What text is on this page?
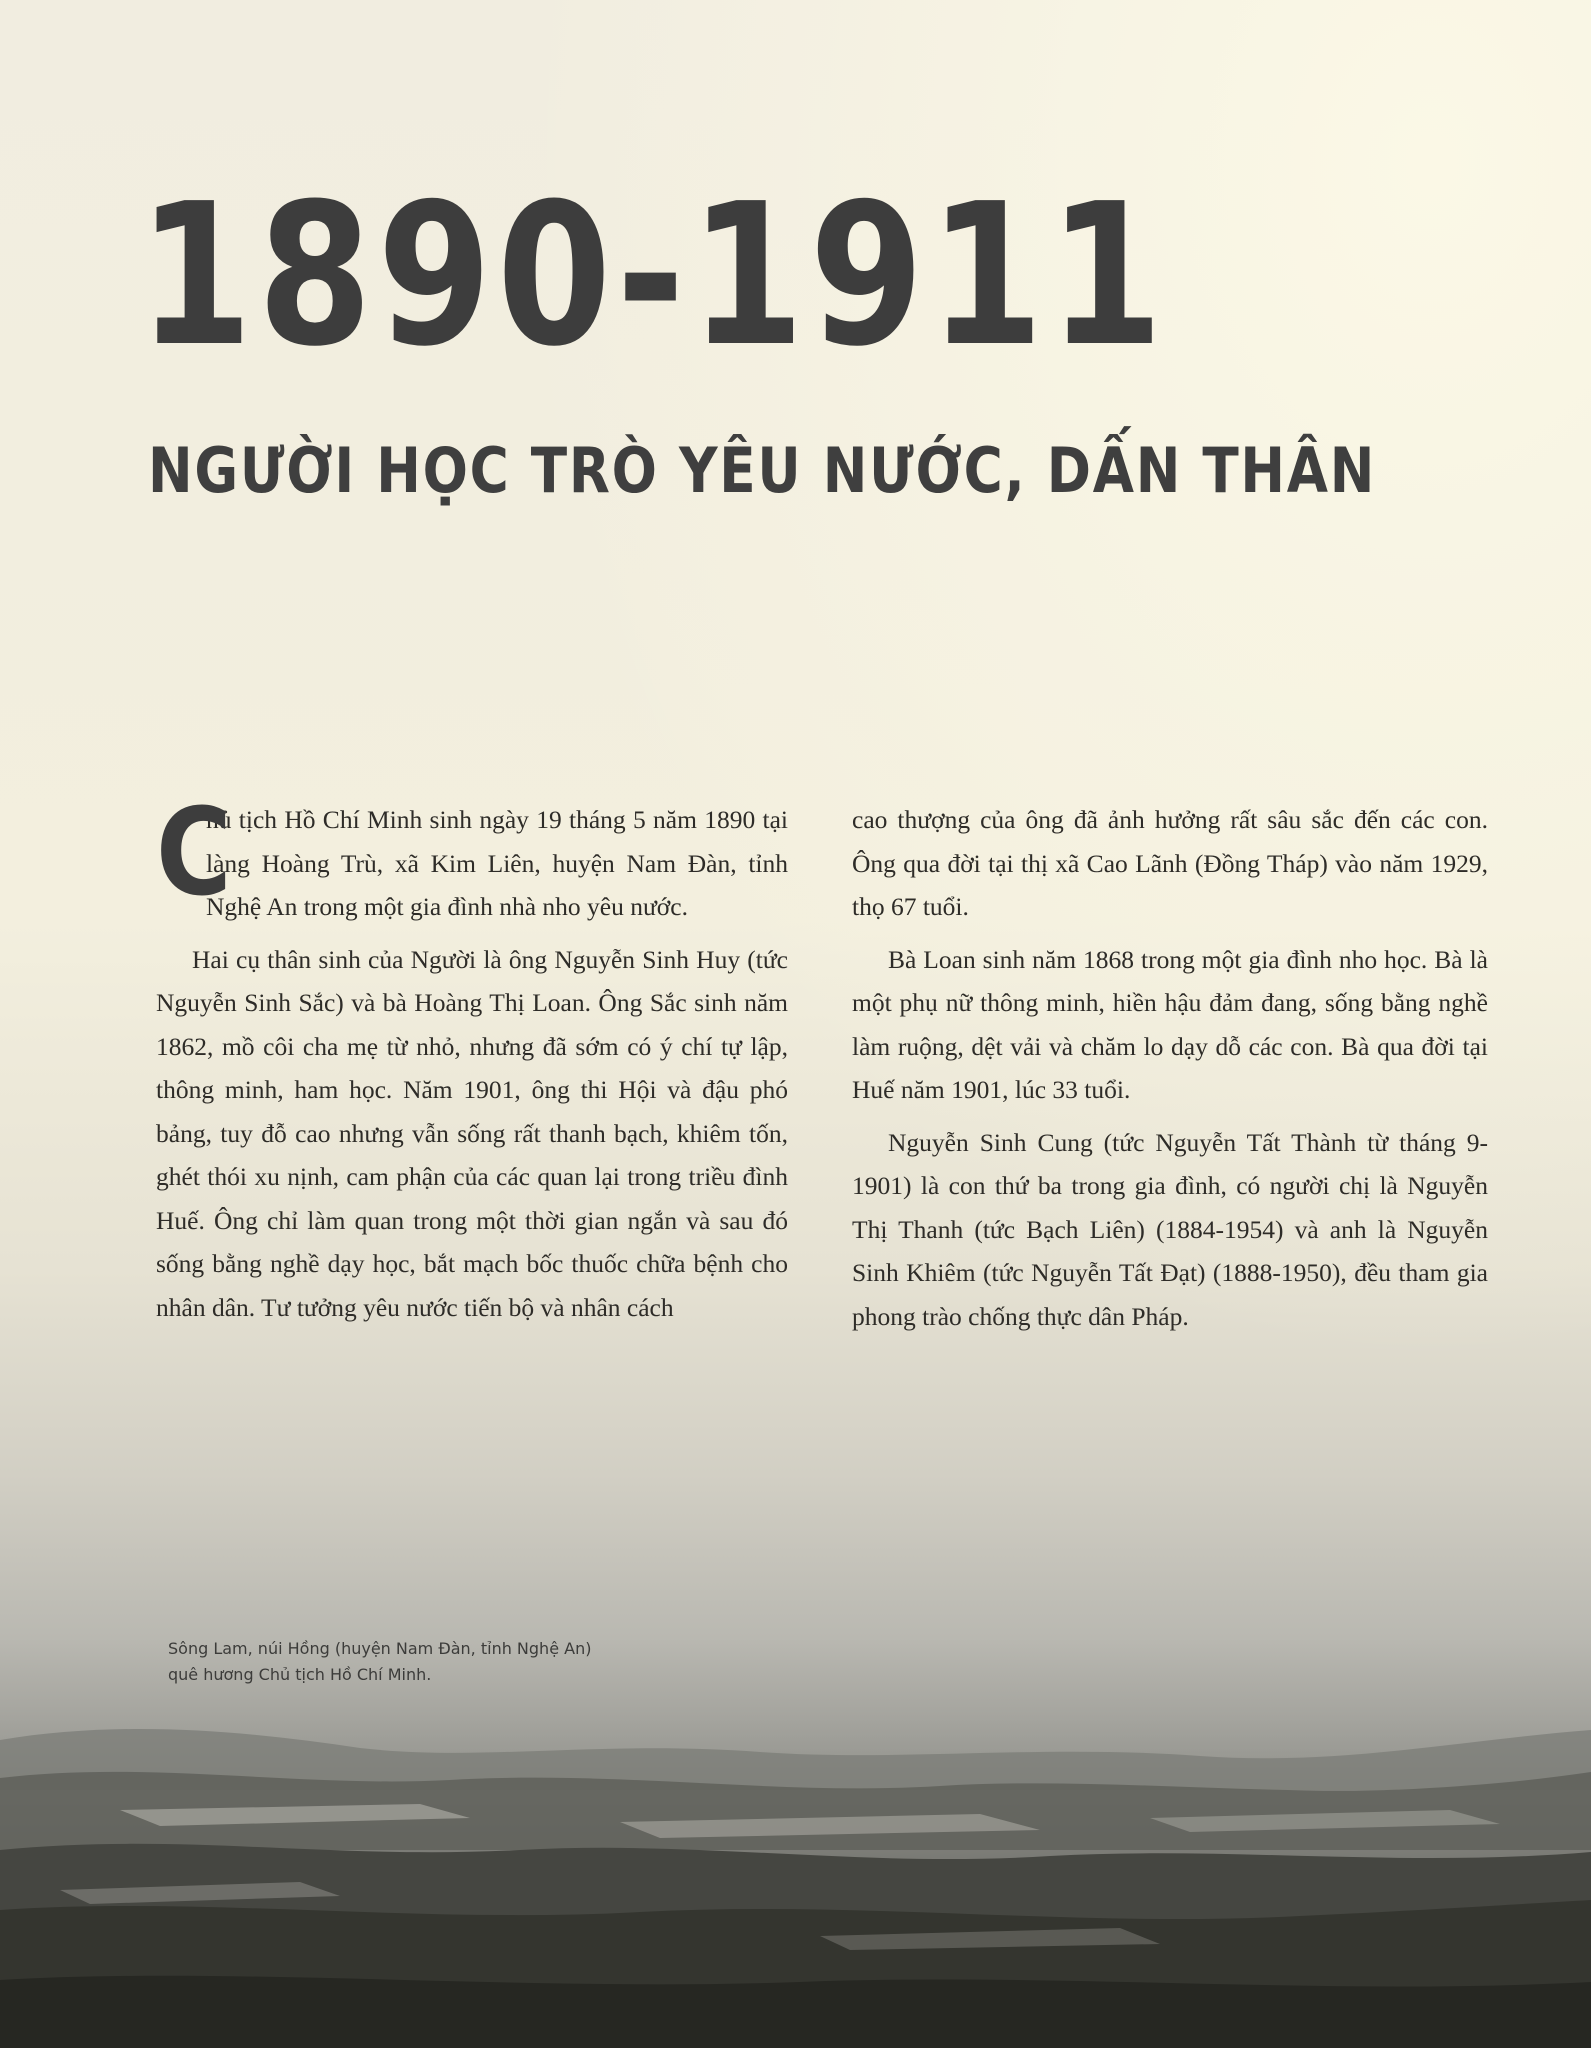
1890-1911
NGƯỜI HỌC TRÒ YÊU NƯỚC, DẤN THÂN

C
hủ tịch Hồ Chí Minh sinh ngày 19 tháng 5 năm 1890 tại làng Hoàng Trù, xã Kim Liên, huyện Nam Đàn, tỉnh Nghệ An trong một gia đình nhà nho yêu nước.

Hai cụ thân sinh của Người là ông Nguyễn Sinh Huy (tức Nguyễn Sinh Sắc) và bà Hoàng Thị Loan. Ông Sắc sinh năm 1862, mồ côi cha mẹ từ nhỏ, nhưng đã sớm có ý chí tự lập, thông minh, ham học. Năm 1901, ông thi Hội và đậu phó bảng, tuy đỗ cao nhưng vẫn sống rất thanh bạch, khiêm tốn, ghét thói xu nịnh, cam phận của các quan lại trong triều đình Huế. Ông chỉ làm quan trong một thời gian ngắn và sau đó sống bằng nghề dạy học, bắt mạch bốc thuốc chữa bệnh cho nhân dân. Tư tưởng yêu nước tiến bộ và nhân cách

cao thượng của ông đã ảnh hưởng rất sâu sắc đến các con. Ông qua đời tại thị xã Cao Lãnh (Đồng Tháp) vào năm 1929, thọ 67 tuổi.

Bà Loan sinh năm 1868 trong một gia đình nho học. Bà là một phụ nữ thông minh, hiền hậu đảm đang, sống bằng nghề làm ruộng, dệt vải và chăm lo dạy dỗ các con. Bà qua đời tại Huế năm 1901, lúc 33 tuổi.

Nguyễn Sinh Cung (tức Nguyễn Tất Thành từ tháng 9-1901) là con thứ ba trong gia đình, có người chị là Nguyễn Thị Thanh (tức Bạch Liên) (1884-1954) và anh là Nguyễn Sinh Khiêm (tức Nguyễn Tất Đạt) (1888-1950), đều tham gia phong trào chống thực dân Pháp.

Sông Lam, núi Hồng (huyện Nam Đàn, tỉnh Nghệ An)
quê hương Chủ tịch Hồ Chí Minh.
